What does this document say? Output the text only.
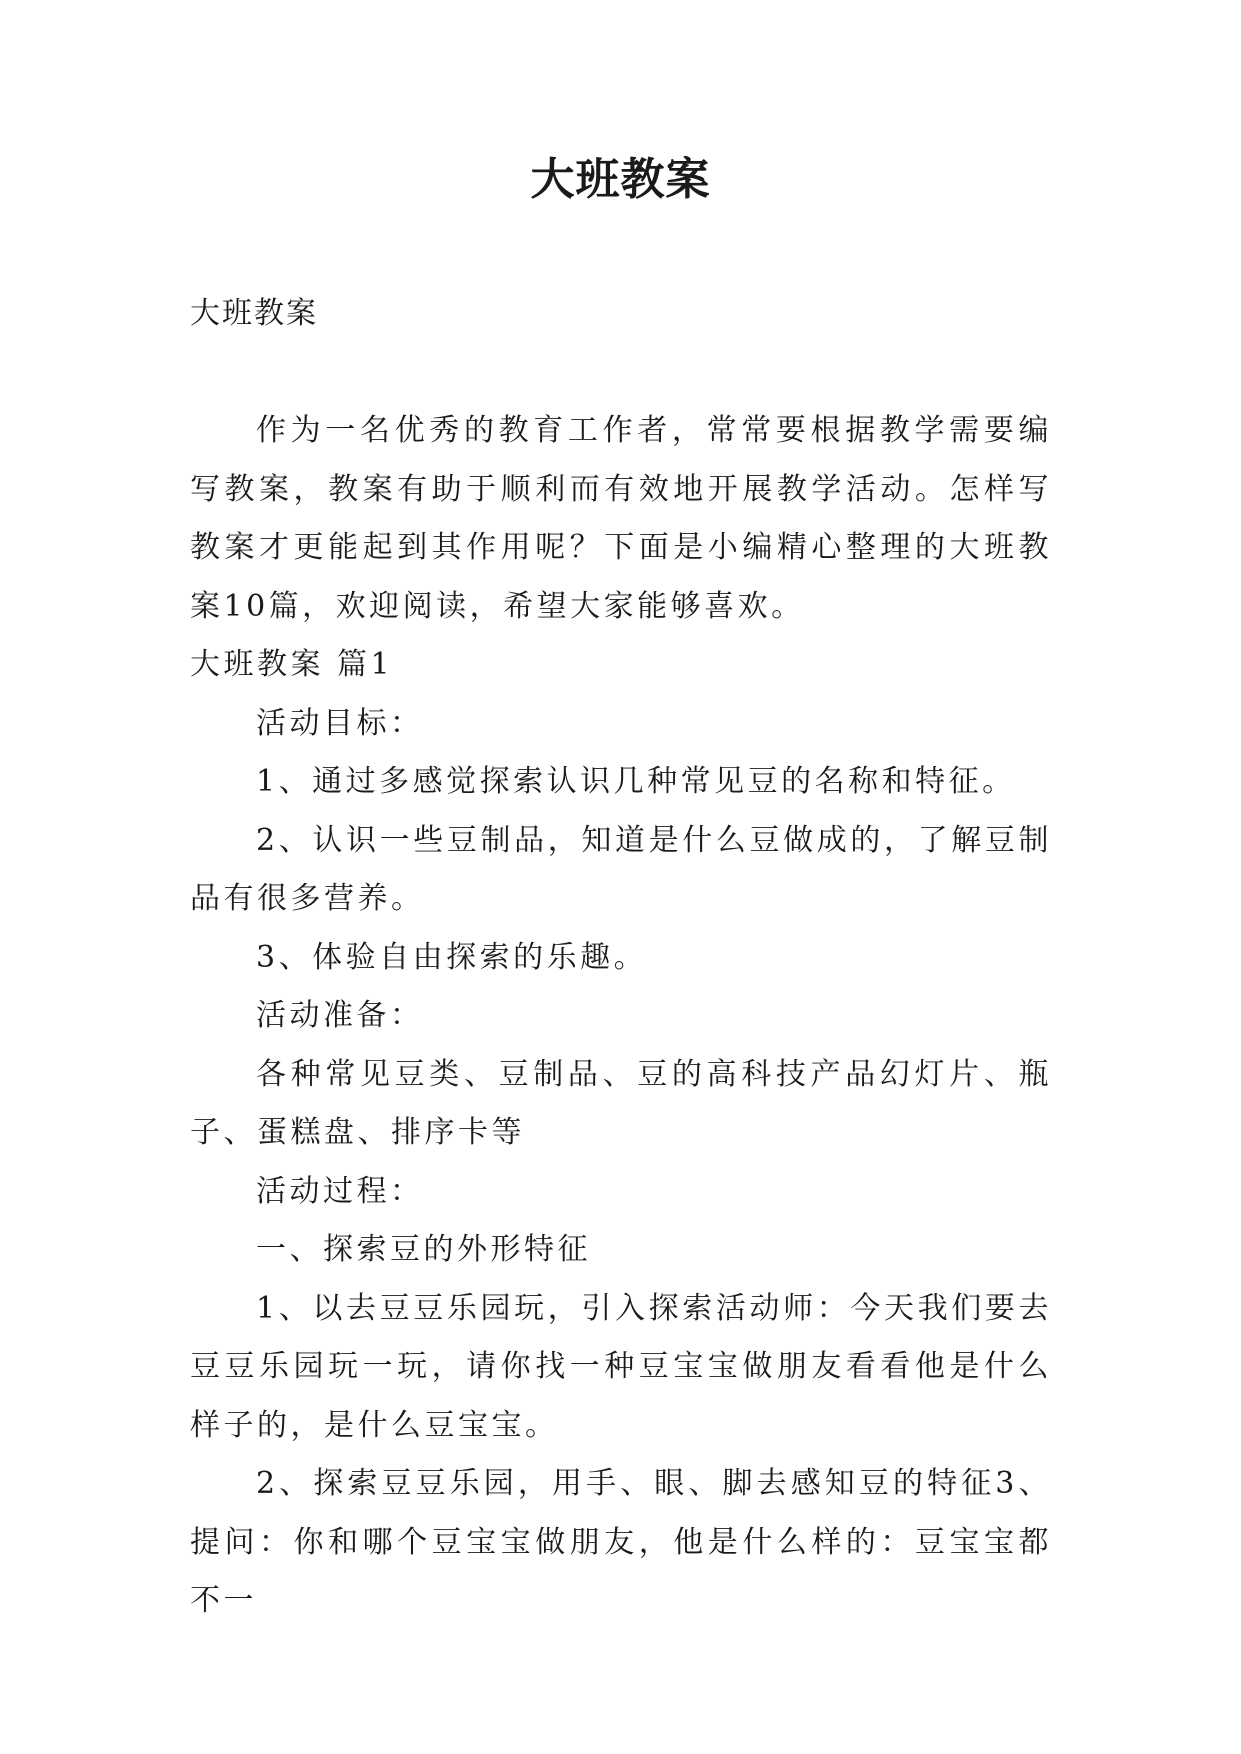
大班教案
大班教案

作为一名优秀的教育工作者，常常要根据教学需要编写教案，教案有助于顺利而有效地开展教学活动。怎样写教案才更能起到其作用呢？下面是小编精心整理的大班教案10篇，欢迎阅读，希望大家能够喜欢。

大班教案 篇1

活动目标：

1、通过多感觉探索认识几种常见豆的名称和特征。

2、认识一些豆制品，知道是什么豆做成的，了解豆制品有很多营养。

3、体验自由探索的乐趣。

活动准备：

各种常见豆类、豆制品、豆的高科技产品幻灯片、瓶子、蛋糕盘、排序卡等

活动过程：

一、探索豆的外形特征

1、以去豆豆乐园玩，引入探索活动师：今天我们要去豆豆乐园玩一玩，请你找一种豆宝宝做朋友看看他是什么样子的，是什么豆宝宝。

2、探索豆豆乐园，用手、眼、脚去感知豆的特征3、提问：你和哪个豆宝宝做朋友，他是什么样的：豆宝宝都不一
